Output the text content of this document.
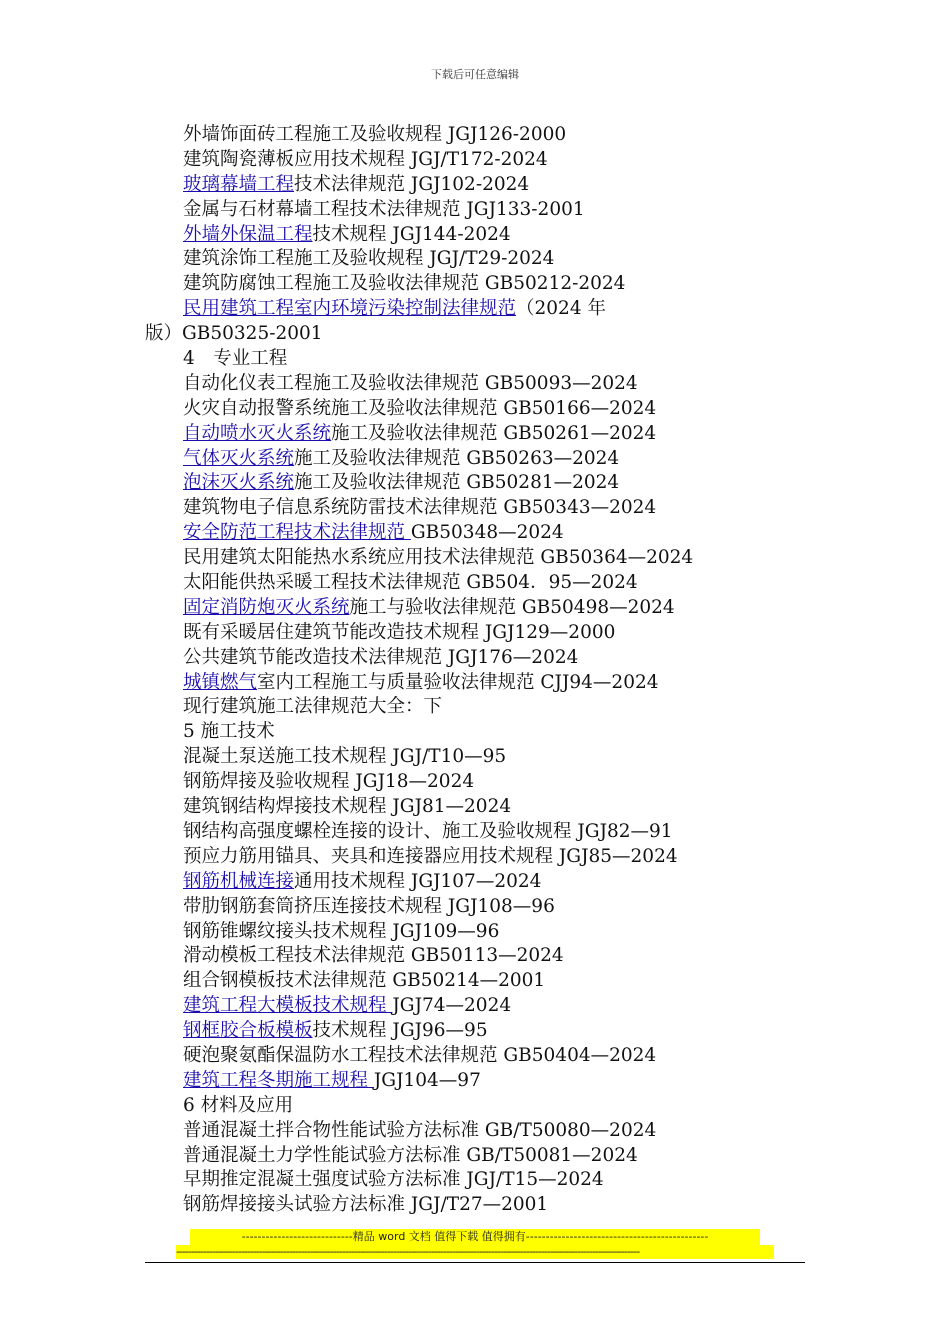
下载后可任意编辑
外墙饰面砖工程施工及验收规程 JGJ126-2000
建筑陶瓷薄板应用技术规程 JGJ/T172-2024
玻璃幕墙工程技术法律规范 JGJ102-2024
金属与石材幕墙工程技术法律规范 JGJ133-2001
外墙外保温工程技术规程 JGJ144-2024
建筑涂饰工程施工及验收规程 JGJ/T29-2024
建筑防腐蚀工程施工及验收法律规范 GB50212-2024
民用建筑工程室内环境污染控制法律规范（2024 年
版）GB50325-2001
4　专业工程
自动化仪表工程施工及验收法律规范 GB50093—2024
火灾自动报警系统施工及验收法律规范 GB50166—2024
自动喷水灭火系统施工及验收法律规范 GB50261—2024
气体灭火系统施工及验收法律规范 GB50263—2024
泡沫灭火系统施工及验收法律规范 GB50281—2024
建筑物电子信息系统防雷技术法律规范 GB50343—2024
安全防范工程技术法律规范 GB50348—2024
民用建筑太阳能热水系统应用技术法律规范 GB50364—2024
太阳能供热采暖工程技术法律规范 GB504．95—2024
固定消防炮灭火系统施工与验收法律规范 GB50498—2024
既有采暖居住建筑节能改造技术规程 JGJ129—2000
公共建筑节能改造技术法律规范 JGJ176—2024
城镇燃气室内工程施工与质量验收法律规范 CJJ94—2024
现行建筑施工法律规范大全：下
5 施工技术
混凝土泵送施工技术规程 JGJ/T10—95
钢筋焊接及验收规程 JGJ18—2024
建筑钢结构焊接技术规程 JGJ81—2024
钢结构高强度螺栓连接的设计、施工及验收规程 JGJ82—91
预应力筋用锚具、夹具和连接器应用技术规程 JGJ85—2024
钢筋机械连接通用技术规程 JGJ107—2024
带肋钢筋套筒挤压连接技术规程 JGJ108—96
钢筋锥螺纹接头技术规程 JGJ109—96
滑动模板工程技术法律规范 GB50113—2024
组合钢模板技术法律规范 GB50214—2001
建筑工程大模板技术规程 JGJ74—2024
钢框胶合板模板技术规程 JGJ96—95
硬泡聚氨酯保温防水工程技术法律规范 GB50404—2024
建筑工程冬期施工规程 JGJ104—97
6 材料及应用
普通混凝土拌合物性能试验方法标准 GB/T50080—2024
普通混凝土力学性能试验方法标准 GB/T50081—2024
早期推定混凝土强度试验方法标准 JGJ/T15—2024
钢筋焊接接头试验方法标准 JGJ/T27—2001
----------------------------精品 word 文档 值得下载 值得拥有----------------------------------------------
------------------------------------------------------------------------------------------------------------------------------------------------------------
